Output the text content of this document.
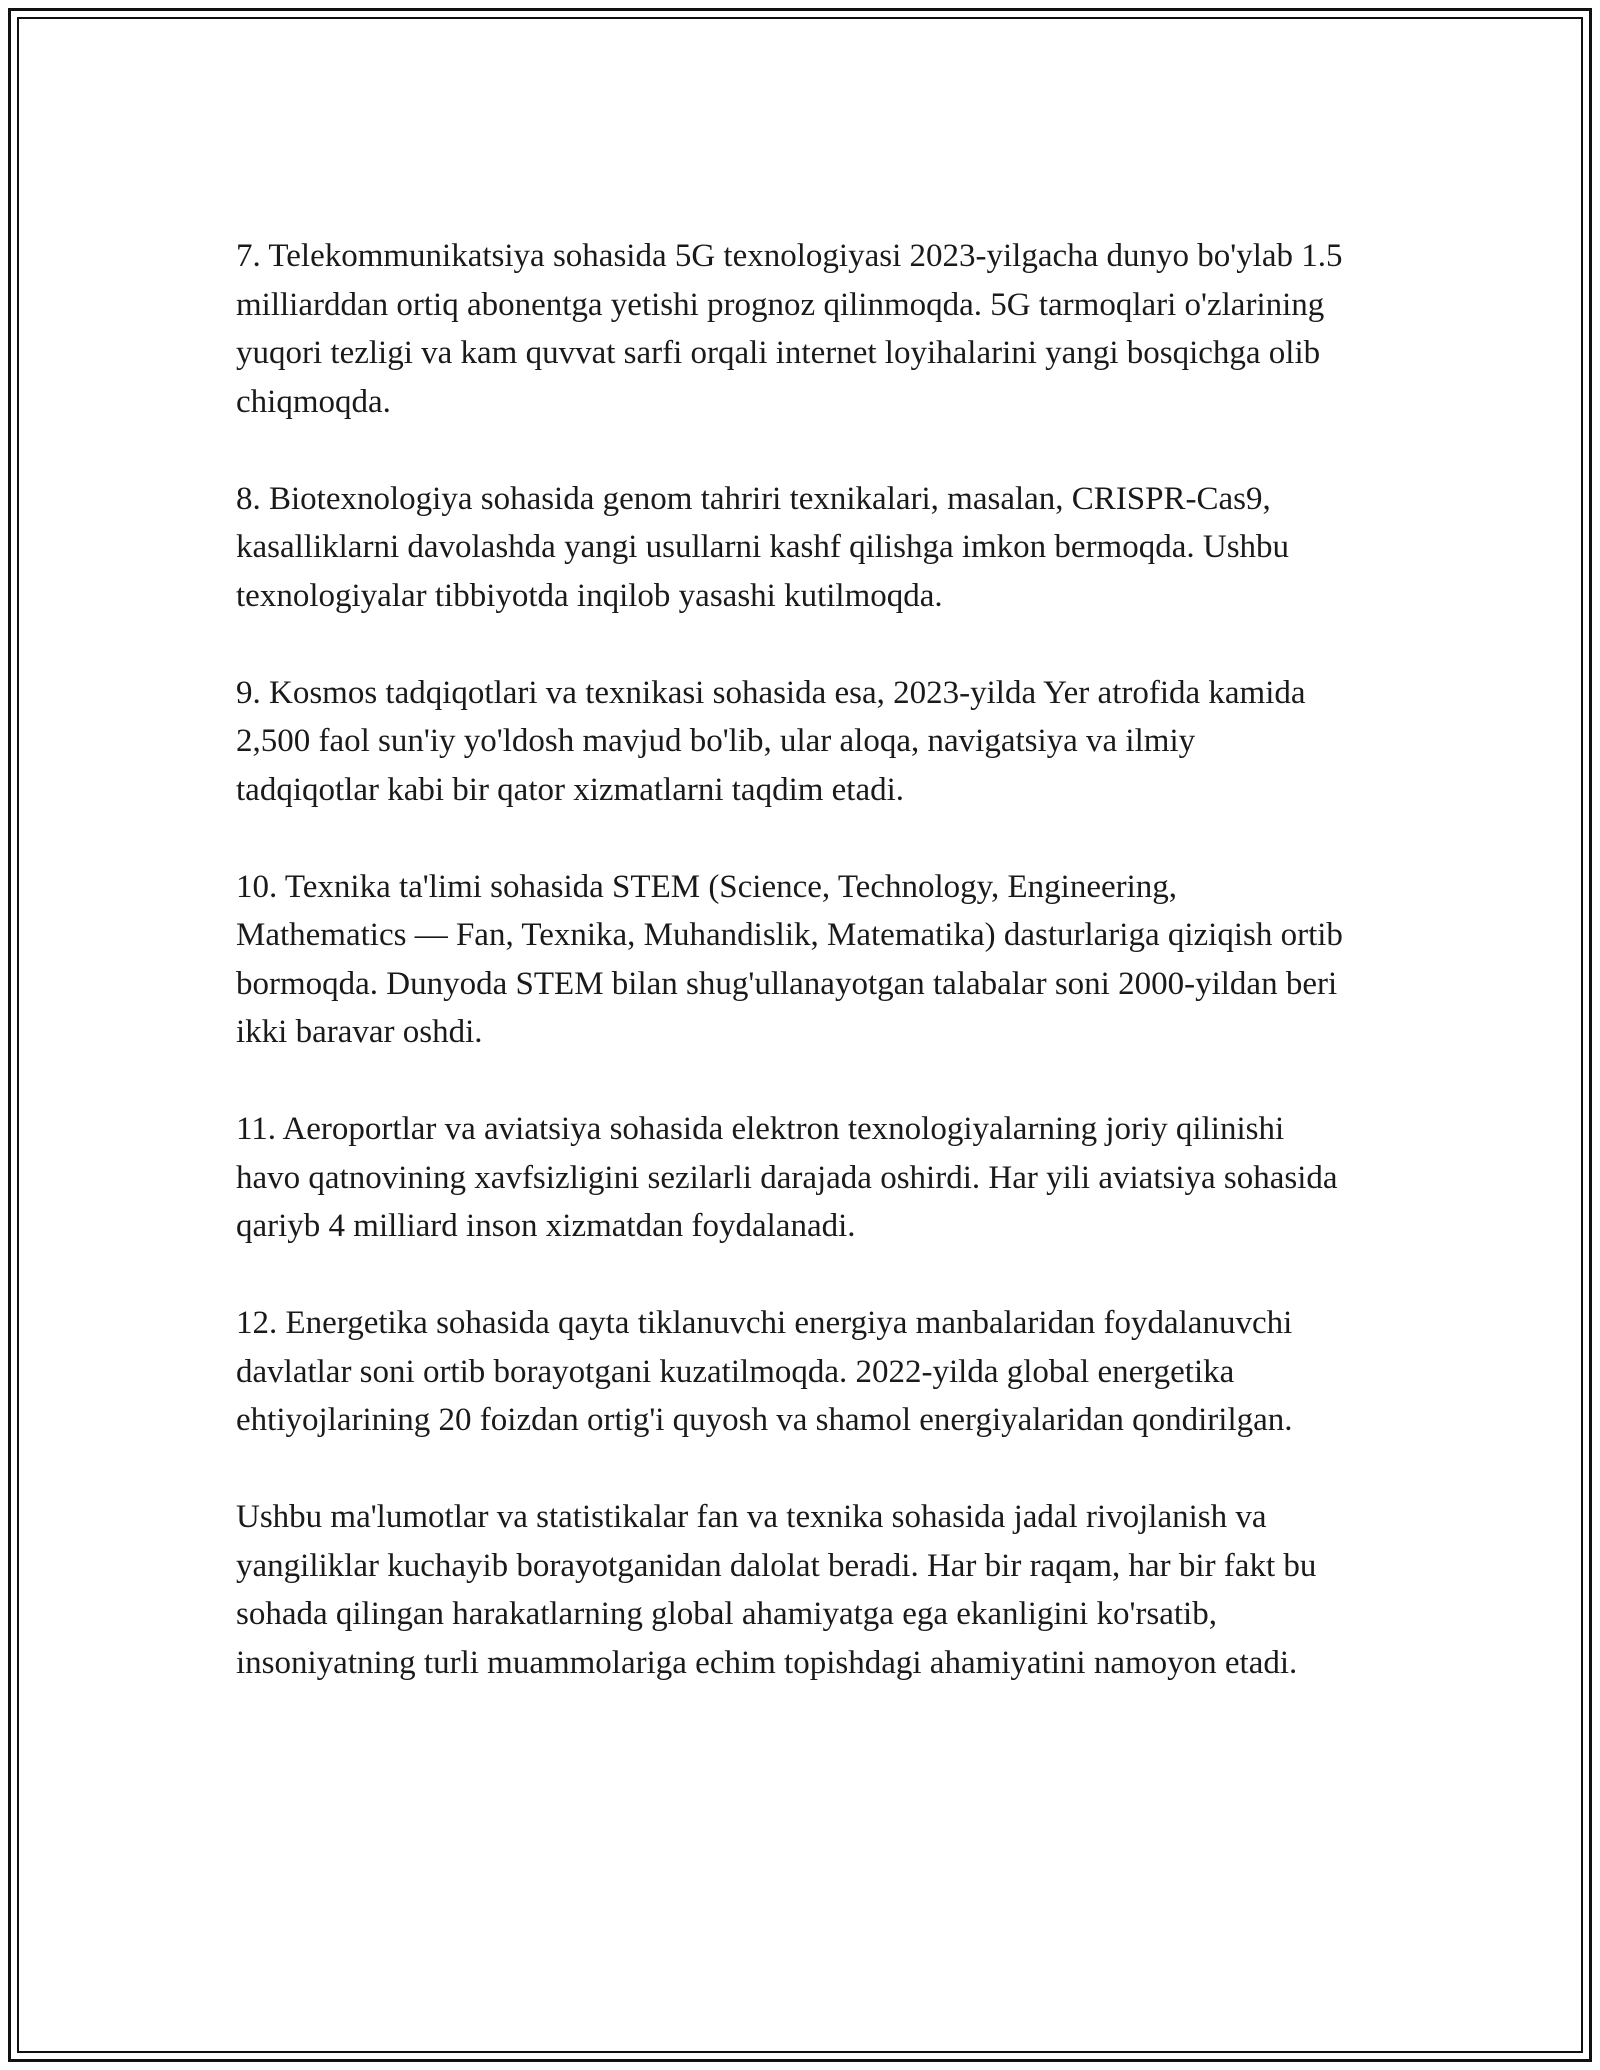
7. Telekommunikatsiya sohasida 5G texnologiyasi 2023-yilgacha dunyo bo'ylab 1.5 milliarddan ortiq abonentga yetishi prognoz qilinmoqda. 5G tarmoqlari o'zlarining yuqori tezligi va kam quvvat sarfi orqali internet loyihalarini yangi bosqichga olib chiqmoqda.

8. Biotexnologiya sohasida genom tahriri texnikalari, masalan, CRISPR-Cas9, kasalliklarni davolashda yangi usullarni kashf qilishga imkon bermoqda. Ushbu texnologiyalar tibbiyotda inqilob yasashi kutilmoqda.

9. Kosmos tadqiqotlari va texnikasi sohasida esa, 2023-yilda Yer atrofida kamida 2,500 faol sun'iy yo'ldosh mavjud bo'lib, ular aloqa, navigatsiya va ilmiy tadqiqotlar kabi bir qator xizmatlarni taqdim etadi.

10. Texnika ta'limi sohasida STEM (Science, Technology, Engineering, Mathematics — Fan, Texnika, Muhandislik, Matematika) dasturlariga qiziqish ortib bormoqda. Dunyoda STEM bilan shug'ullanayotgan talabalar soni 2000-yildan beri ikki baravar oshdi.

11. Aeroportlar va aviatsiya sohasida elektron texnologiyalarning joriy qilinishi havo qatnovining xavfsizligini sezilarli darajada oshirdi. Har yili aviatsiya sohasida qariyb 4 milliard inson xizmatdan foydalanadi.

12. Energetika sohasida qayta tiklanuvchi energiya manbalaridan foydalanuvchi davlatlar soni ortib borayotgani kuzatilmoqda. 2022-yilda global energetika ehtiyojlarining 20 foizdan ortig'i quyosh va shamol energiyalaridan qondirilgan.

Ushbu ma'lumotlar va statistikalar fan va texnika sohasida jadal rivojlanish va yangiliklar kuchayib borayotganidan dalolat beradi. Har bir raqam, har bir fakt bu sohada qilingan harakatlarning global ahamiyatga ega ekanligini ko'rsatib, insoniyatning turli muammolariga echim topishdagi ahamiyatini namoyon etadi.
